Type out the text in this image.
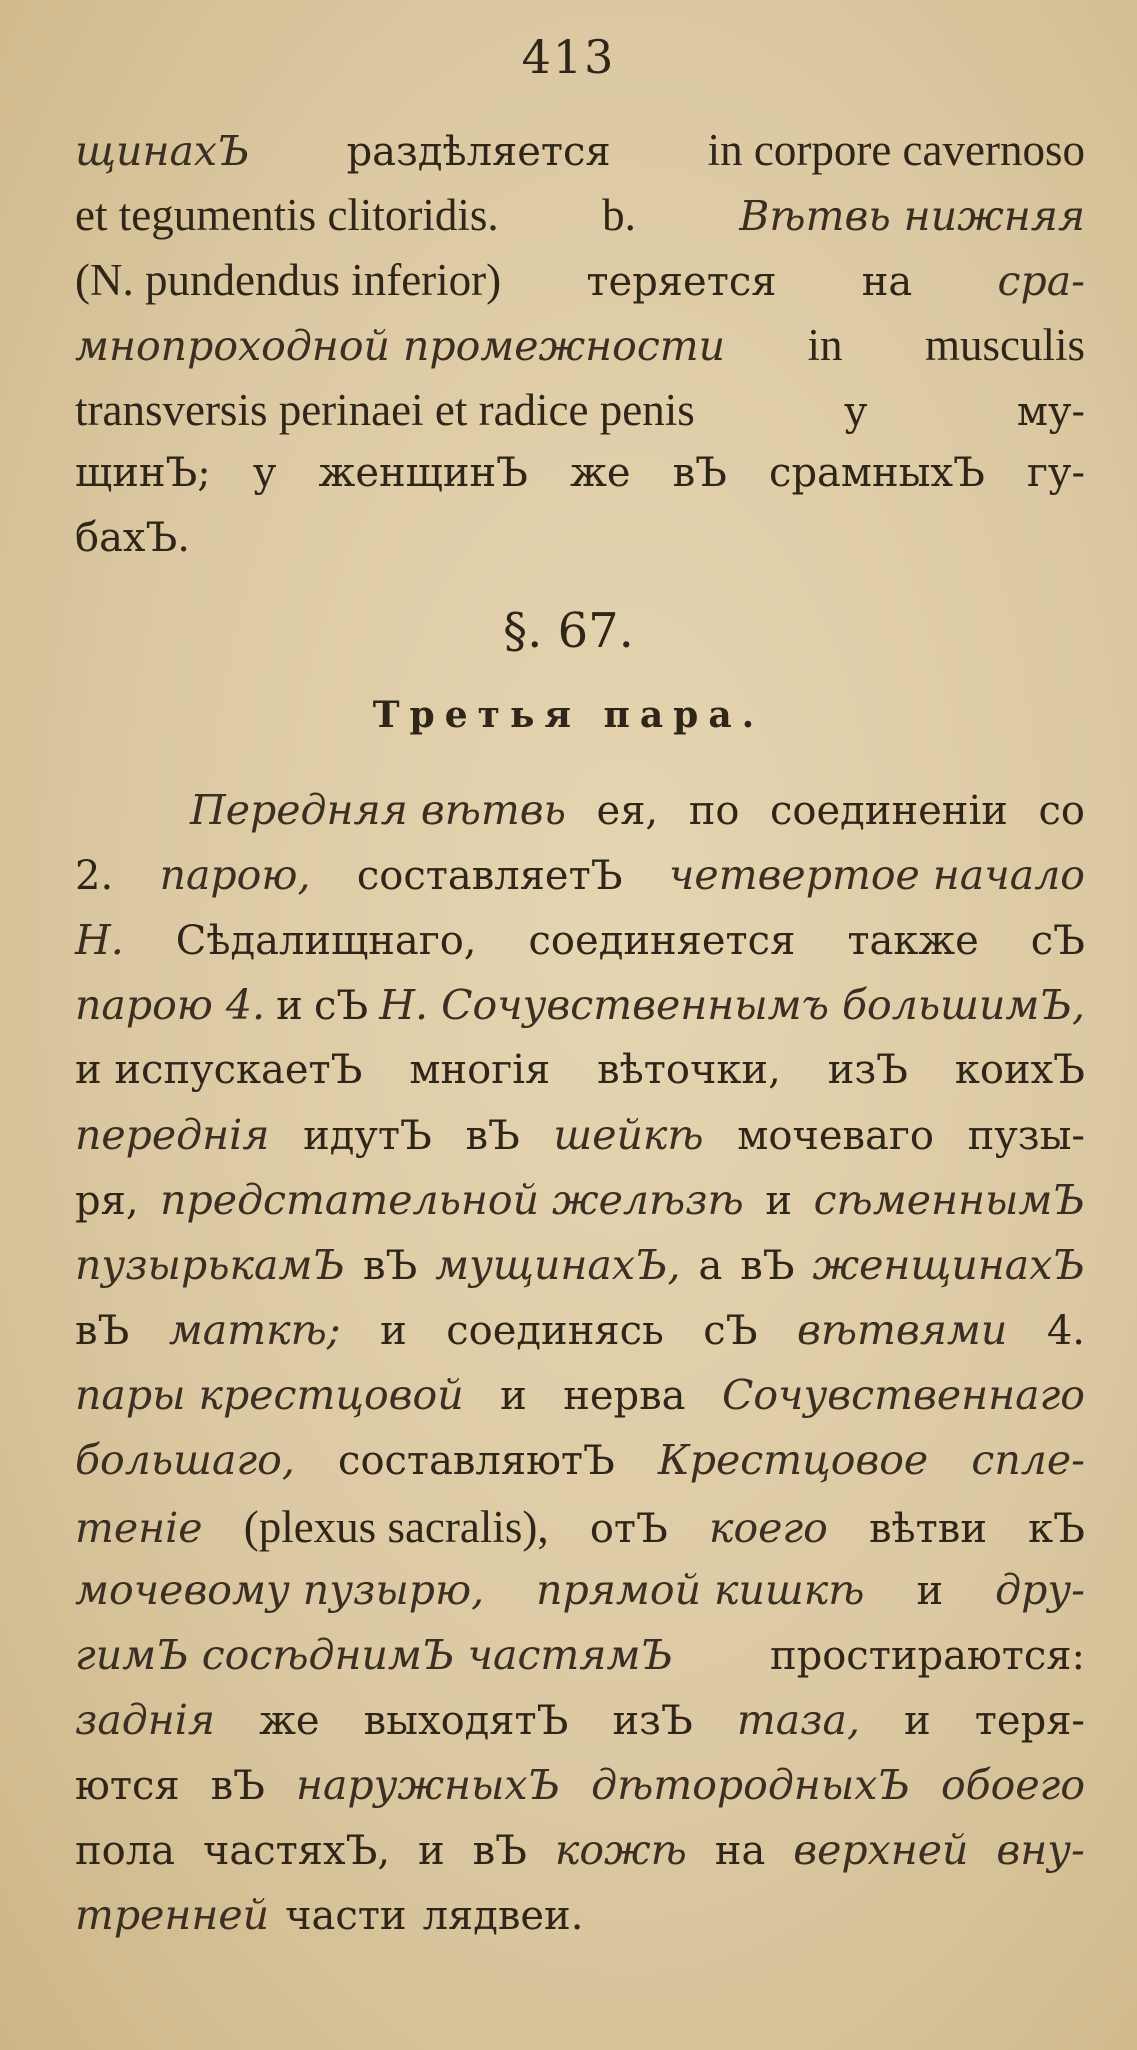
413
щинахЪ раздѣляется in corpore cavernoso
et tegumentis clitoridis. b.	Вѣтвь нижняя
(N. pundendus inferior) теряется на сра-
мнопроходной промежности in musculis
transversis perinaei et radice penis	у	му-
щинЪ; у женщинЪ же вЪ срамныхЪ гу-
бахЪ.
§. 67.
Третья пара.
Передняя вѣтвь ея, по соединеніи со
2. парою, составляетЪ четвертое начало
H. Сѣдалищнаго, соединяется также сЪ
парою 4. и сЪ Н. Сочувственнымъ большимЪ,
и испускаетЪ многія вѣточки, изЪ коихЪ
переднія идутЪ вЪ шейкѣ мочеваго пузы-
ря, предстательной желѣзѣ и сѣменнымЪ
пузырькамЪ вЪ мущинахЪ, а вЪ женщинахЪ
вЪ маткѣ; и соединясь сЪ вѣтвями 4.
пары крестцовой и нерва Сочувственнаго
большаго, составляютЪ Крестцовое спле-
теніе (plexus sacralis), отЪ коего вѣтви кЪ
мочевому пузырю, прямой кишкѣ и дру-
гимЪ сосѣднимЪ частямЪ простираются:
заднія же выходятЪ изЪ таза, и теря-
ются вЪ наружныхЪ дѣтородныхЪ обоего
пола частяхЪ, и вЪ кожѣ на верхней вну-
тренней части лядвеи.
